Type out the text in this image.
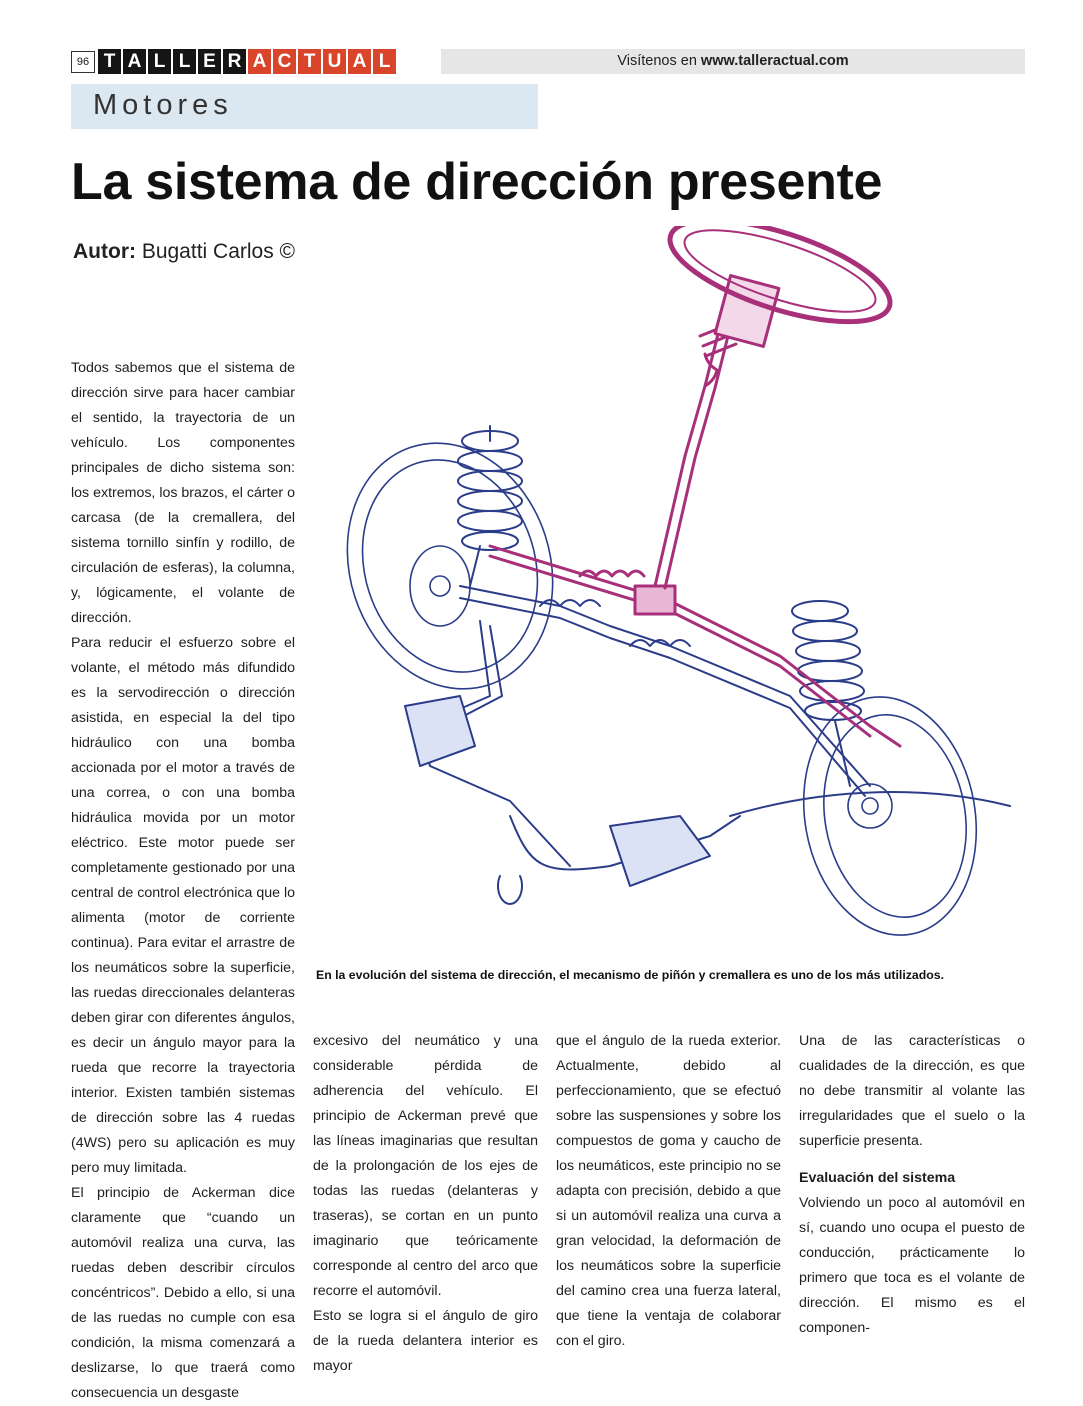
96 T A L L E R A C T U A L	Visítenos en www.talleractual.com
Motores
La sistema de dirección presente
Autor: Bugatti Carlos ©

Todos sabemos que el sistema de dirección sirve para hacer cambiar el sentido, la trayectoria de un vehículo. Los componentes principales de dicho sistema son: los extremos, los brazos, el cárter o carcasa (de la cremallera, del sistema tornillo sinfín y rodillo, de circulación de esferas), la columna, y, lógicamente, el volante de dirección.

Para reducir el esfuerzo sobre el volante, el método más difundido es la servodirección o dirección asistida, en especial la del tipo hidráulico con una bomba accionada por el motor a través de una correa, o con una bomba hidráulica movida por un motor eléctrico. Este motor puede ser completamente gestionado por una central de control electrónica que lo alimenta (motor de corriente continua). Para evitar el arrastre de los neumáticos sobre la superficie, las ruedas direccionales delanteras deben girar con diferentes ángulos, es decir un ángulo mayor para la rueda que recorre la trayectoria interior. Existen también sistemas de dirección sobre las 4 ruedas (4WS) pero su aplicación es muy pero muy limitada.

El principio de Ackerman dice claramente que “cuando un automóvil realiza una curva, las ruedas deben describir círculos concéntricos”. Debido a ello, si una de las ruedas no cumple con esa condición, la misma comenzará a deslizarse, lo que traerá como consecuencia un desgaste

En la evolución del sistema de dirección, el mecanismo de piñón y cremallera es uno de los más utilizados.

excesivo del neumático y una considerable pérdida de adherencia del vehículo. El principio de Ackerman prevé que las líneas imaginarias que resultan de la prolongación de los ejes de todas las ruedas (delanteras y traseras), se cortan en un punto imaginario que teóricamente corresponde al centro del arco que recorre el automóvil.

Esto se logra si el ángulo de giro de la rueda delantera interior es mayor

que el ángulo de la rueda exterior. Actualmente, debido al perfeccionamiento, que se efectuó sobre las suspensiones y sobre los compuestos de goma y caucho de los neumáticos, este principio no se adapta con precisión, debido a que si un automóvil realiza una curva a gran velocidad, la deformación de los neumáticos sobre la superficie del camino crea una fuerza lateral, que tiene la ventaja de colaborar con el giro.

Una de las características o cualidades de la dirección, es que no debe transmitir al volante las irregularidades que el suelo o la superficie presenta.

Evaluación del sistema

Volviendo un poco al automóvil en sí, cuando uno ocupa el puesto de conducción, prácticamente lo primero que toca es el volante de dirección. El mismo es el componen-
